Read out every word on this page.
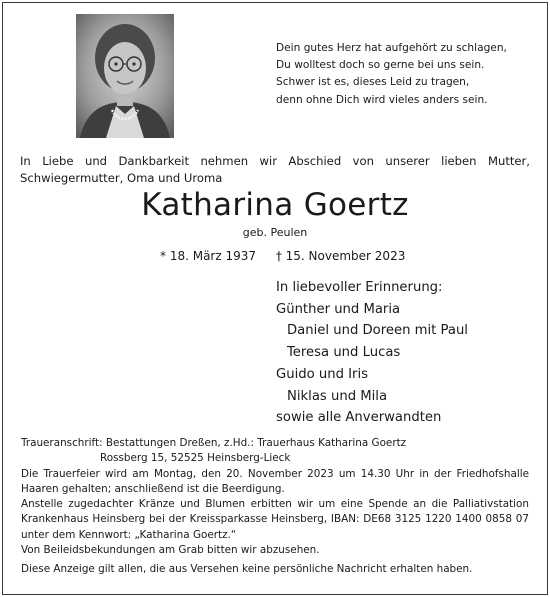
Dein gutes Herz hat aufgehört zu schlagen,
Du wolltest doch so gerne bei uns sein.
Schwer ist es, dieses Leid zu tragen,
denn ohne Dich wird vieles anders sein.
In Liebe und Dankbarkeit nehmen wir Abschied von unserer lieben Mutter, Schwiegermutter, Oma und Uroma
Katharina Goertz
geb. Peulen
* 18. März 1937 † 15. November 2023
In liebevoller Erinnerung:
Günther und Maria
Daniel und Doreen mit Paul
Teresa und Lucas
Guido und Iris
Niklas und Mila
sowie alle Anverwandten
Traueranschrift: Bestattungen Dreßen, z.Hd.: Trauerhaus Katharina Goertz
Rossberg 15, 52525 Heinsberg-Lieck
Die Trauerfeier wird am Montag, den 20. November 2023 um 14.30 Uhr in der Friedhofshalle Haaren gehalten; anschließend ist die Beerdigung.
Anstelle zugedachter Kränze und Blumen erbitten wir um eine Spende an die Palliativstation Krankenhaus Heinsberg bei der Kreissparkasse Heinsberg, IBAN: DE68 3125 1220 1400 0858 07 unter dem Kennwort: „Katharina Goertz.“
Von Beileidsbekundungen am Grab bitten wir abzusehen.
Diese Anzeige gilt allen, die aus Versehen keine persönliche Nachricht erhalten haben.
